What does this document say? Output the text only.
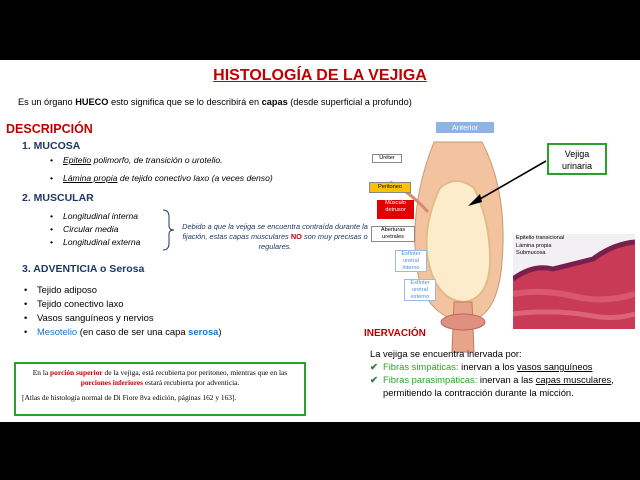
HISTOLOGÍA DE LA VEJIGA
Es un órgano HUECO esto significa que se lo describirá en capas (desde superficial a profundo)
DESCRIPCIÓN
1. MUCOSA
• Epitelio polimorfo, de transición o urotelio.
• Lámina propia de tejido conectivo laxo (a veces denso)
2. MUSCULAR
• Longitudinal interna
• Circular media
• Longitudinal externa
Debido a que la vejiga se encuentra contraída durante la fijación, estas capas musculares NO son muy precisas o regulares.
3. ADVENTICIA o Serosa
• Tejido adiposo
• Tejido conectivo laxo
• Vasos sanguíneos y nervios
• Mesotelio (en caso de ser una capa serosa)
En la porción superior de la vejiga, está recubierta por peritoneo, mientras que en las porciones inferiores estará recubierta por adventicia.
[Atlas de histología normal de Di Fiore 8va edición, páginas 162 y 163].
Anterior
Uréter
Peritoneo
Músculo detrusor
Aberturas uretrales
Esfínter uretral interno
Esfínter uretral externo
Vejiga urinaria
Epitelio transicional
Lámina propia
Submucosa
INERVACIÓN
La vejiga se encuentra inervada por:
✔ Fibras simpáticas: inervan a los vasos sanguíneos
✔ Fibras parasimpáticas: inervan a las capas musculares, permitiendo la contracción durante la micción.
